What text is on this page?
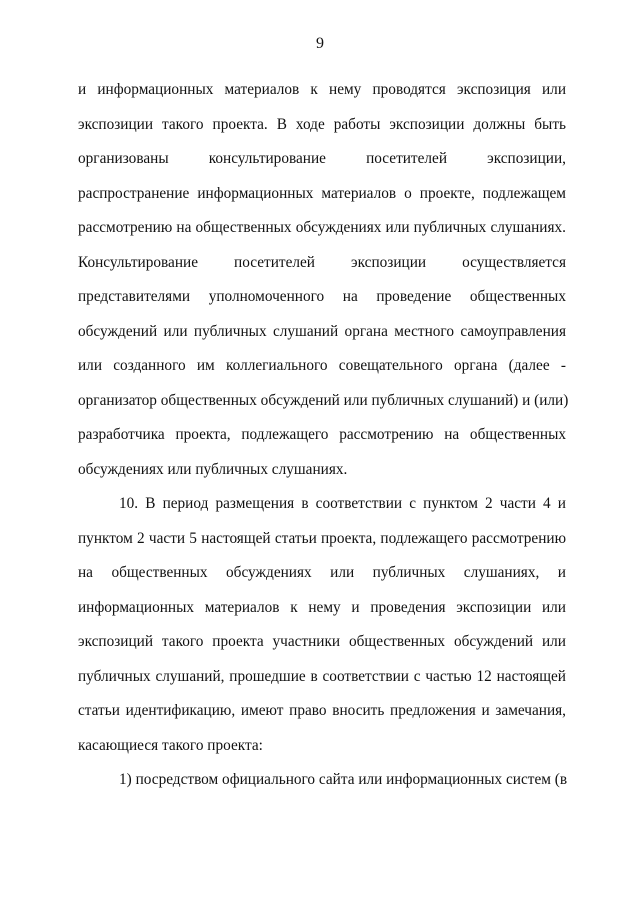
9
и информационных материалов к нему проводятся экспозиция или
экспозиции такого проекта. В ходе работы экспозиции должны быть
организованы консультирование посетителей экспозиции,
распространение информационных материалов о проекте, подлежащем
рассмотрению на общественных обсуждениях или публичных слушаниях.
Консультирование посетителей экспозиции осуществляется
представителями уполномоченного на проведение общественных
обсуждений или публичных слушаний органа местного самоуправления
или созданного им коллегиального совещательного органа (далее -
организатор общественных обсуждений или публичных слушаний) и (или)
разработчика проекта, подлежащего рассмотрению на общественных
обсуждениях или публичных слушаниях.
10. В период размещения в соответствии с пунктом 2 части 4 и
пунктом 2 части 5 настоящей статьи проекта, подлежащего рассмотрению
на общественных обсуждениях или публичных слушаниях, и
информационных материалов к нему и проведения экспозиции или
экспозиций такого проекта участники общественных обсуждений или
публичных слушаний, прошедшие в соответствии с частью 12 настоящей
статьи идентификацию, имеют право вносить предложения и замечания,
касающиеся такого проекта:
1) посредством официального сайта или информационных систем (в
